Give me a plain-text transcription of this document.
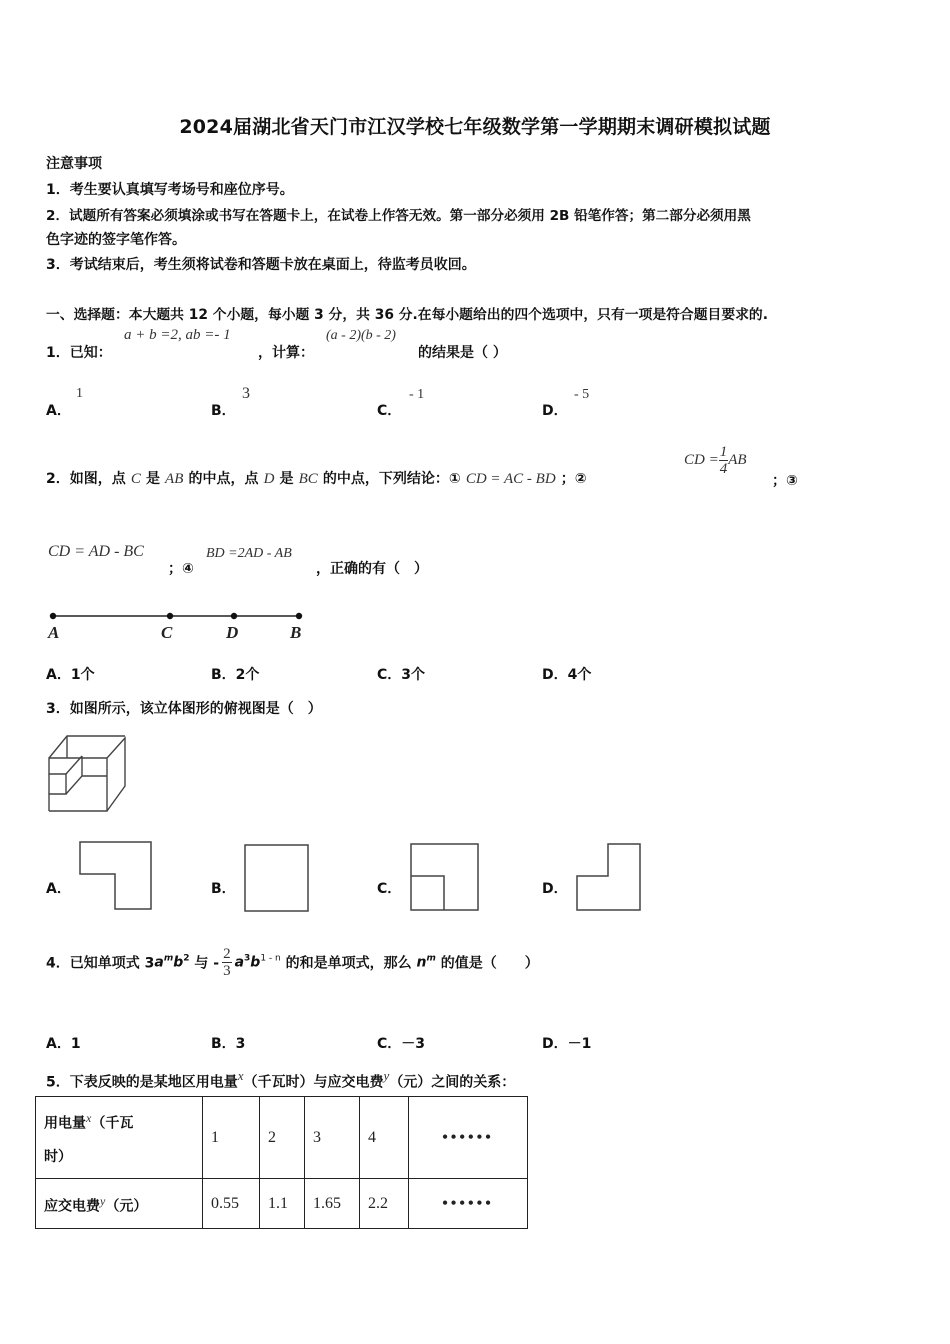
2024届湖北省天门市江汉学校七年级数学第一学期期末调研模拟试题
注意事项
1．考生要认真填写考场号和座位序号。
2．试题所有答案必须填涂或书写在答题卡上，在试卷上作答无效。第一部分必须用 2B 铅笔作答；第二部分必须用黑
色字迹的签字笔作答。
3．考试结束后，考生须将试卷和答题卡放在桌面上，待监考员收回。
一、选择题：本大题共 12 个小题，每小题 3 分，共 36 分.在每小题给出的四个选项中，只有一项是符合题目要求的.
1．已知：
a + b =2, ab =- 1
，计算：
(a - 2)(b - 2)
的结果是（ ）
A．
1
B．
3
C．
- 1
D．
- 5
2．如图，点 C 是 AB 的中点，点 D 是 BC 的中点，下列结论：① CD = AC - BD ；②
CD = $\frac{1}{4}$ AB
；③
CD = AD - BC
；④
BD =2AD - AB
，正确的有（　）
A	C	D	B
A．1个	B．2个	C．3个	D．4个
3．如图所示，该立体图形的俯视图是（　）
A．	B．	C．	D．
4．已知单项式 $3a^mb^2$ 与 - $\frac{2}{3} a^3b^{1 - n}$ 的和是单项式，那么 $n^m$ 的值是（　　）
A．1	B．3	C．－3	D．－1
5．下表反映的是某地区用电量$^x$（千瓦时）与应交电费$^y$（元）之间的关系：
用电量$^x$（千瓦
时）	1	2	3	4	••••••
应交电费$^y$（元）	0.55	1.1	1.65	2.2	••••••
